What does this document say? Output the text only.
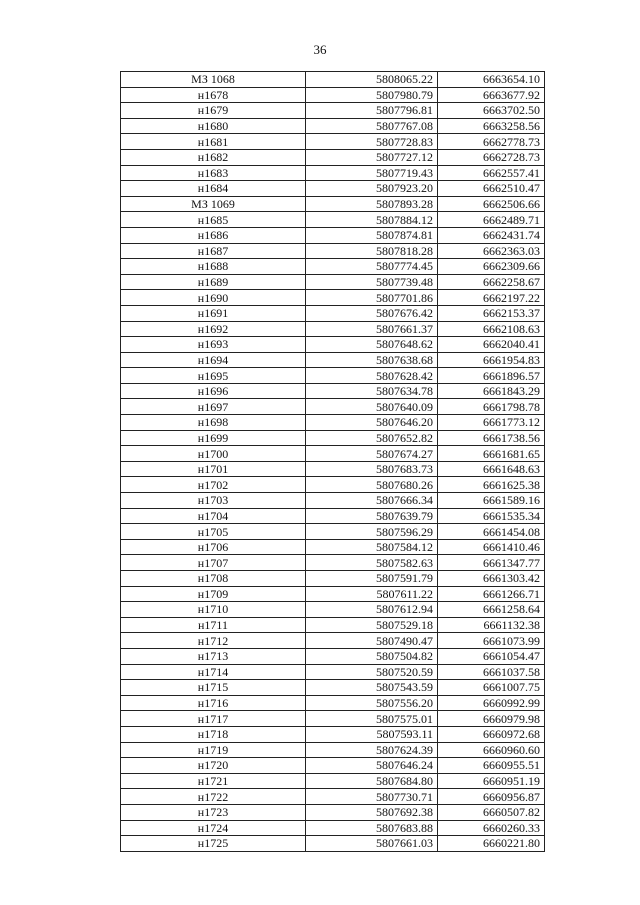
36
МЗ 1068	5808065.22	6663654.10
н1678	5807980.79	6663677.92
н1679	5807796.81	6663702.50
н1680	5807767.08	6663258.56
н1681	5807728.83	6662778.73
н1682	5807727.12	6662728.73
н1683	5807719.43	6662557.41
н1684	5807923.20	6662510.47
МЗ 1069	5807893.28	6662506.66
н1685	5807884.12	6662489.71
н1686	5807874.81	6662431.74
н1687	5807818.28	6662363.03
н1688	5807774.45	6662309.66
н1689	5807739.48	6662258.67
н1690	5807701.86	6662197.22
н1691	5807676.42	6662153.37
н1692	5807661.37	6662108.63
н1693	5807648.62	6662040.41
н1694	5807638.68	6661954.83
н1695	5807628.42	6661896.57
н1696	5807634.78	6661843.29
н1697	5807640.09	6661798.78
н1698	5807646.20	6661773.12
н1699	5807652.82	6661738.56
н1700	5807674.27	6661681.65
н1701	5807683.73	6661648.63
н1702	5807680.26	6661625.38
н1703	5807666.34	6661589.16
н1704	5807639.79	6661535.34
н1705	5807596.29	6661454.08
н1706	5807584.12	6661410.46
н1707	5807582.63	6661347.77
н1708	5807591.79	6661303.42
н1709	5807611.22	6661266.71
н1710	5807612.94	6661258.64
н1711	5807529.18	6661132.38
н1712	5807490.47	6661073.99
н1713	5807504.82	6661054.47
н1714	5807520.59	6661037.58
н1715	5807543.59	6661007.75
н1716	5807556.20	6660992.99
н1717	5807575.01	6660979.98
н1718	5807593.11	6660972.68
н1719	5807624.39	6660960.60
н1720	5807646.24	6660955.51
н1721	5807684.80	6660951.19
н1722	5807730.71	6660956.87
н1723	5807692.38	6660507.82
н1724	5807683.88	6660260.33
н1725	5807661.03	6660221.80
